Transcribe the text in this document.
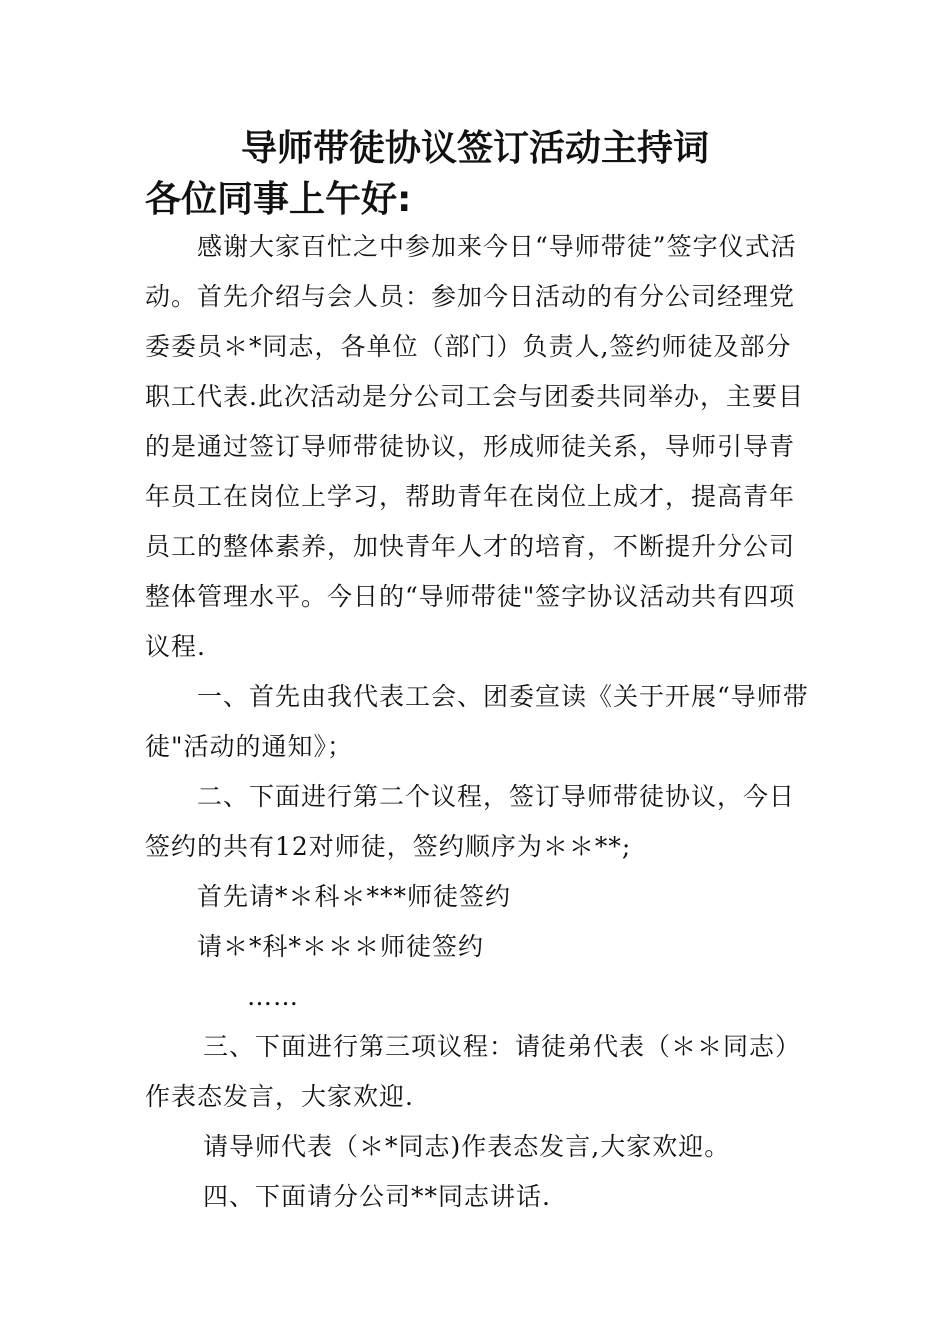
导师带徒协议签订活动主持词
各位同事上午好:
感谢大家百忙之中参加来今日“导师带徒”签字仪式活动。首先介绍与会人员：参加今日活动的有分公司经理党委委员＊*同志，各单位（部门）负责人,签约师徒及部分职工代表.此次活动是分公司工会与团委共同举办，主要目的是通过签订导师带徒协议，形成师徒关系，导师引导青年员工在岗位上学习，帮助青年在岗位上成才，提高青年员工的整体素养，加快青年人才的培育，不断提升分公司整体管理水平。今日的“导师带徒"签字协议活动共有四项议程.
一、首先由我代表工会、团委宣读《关于开展“导师带徒"活动的通知》；
二、下面进行第二个议程，签订导师带徒协议，今日签约的共有12对师徒，签约顺序为＊＊**;
首先请*＊科＊***师徒签约
请＊*科*＊＊＊师徒签约
……
三、下面进行第三项议程：请徒弟代表（＊＊同志）作表态发言，大家欢迎.
请导师代表（＊*同志)作表态发言,大家欢迎。
四、下面请分公司**同志讲话.
